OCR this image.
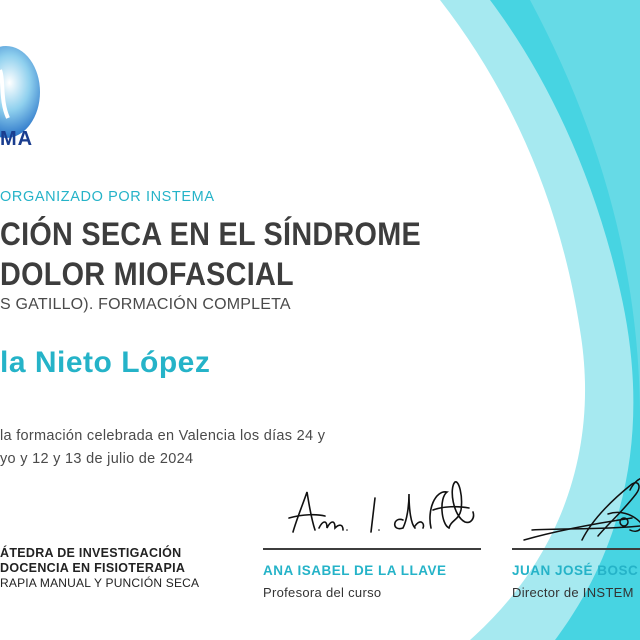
MA
ORGANIZADO POR INSTEMA
CIÓN SECA EN EL SÍNDROME
DOLOR MIOFASCIAL
S GATILLO). FORMACIÓN COMPLETA
la Nieto López
la formación celebrada en Valencia los días 24 y
yo y 12 y 13 de julio de 2024
ÁTEDRA DE INVESTIGACIÓN
DOCENCIA EN FISIOTERAPIA
RAPIA MANUAL Y PUNCIÓN SECA
ANA ISABEL DE LA LLAVE
Profesora del curso
JUAN JOSÉ BOSC
Director de INSTEM
